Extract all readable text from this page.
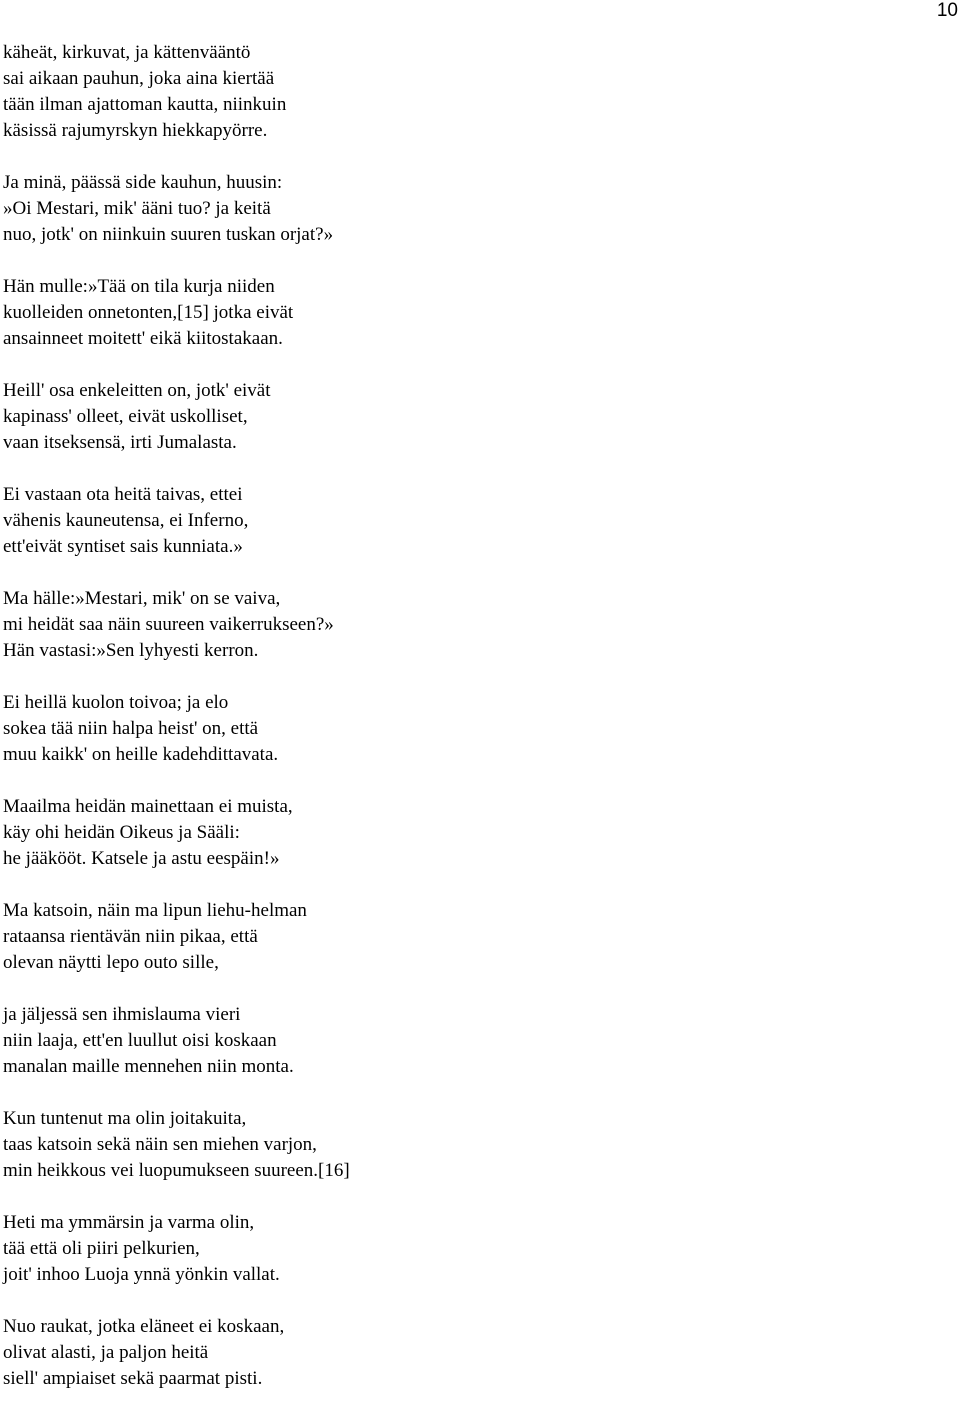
10
käheät, kirkuvat, ja kättenvääntö
sai aikaan pauhun, joka aina kiertää
tään ilman ajattoman kautta, niinkuin
käsissä rajumyrskyn hiekkapyörre.
Ja minä, päässä side kauhun, huusin:
»Oi Mestari, mik' ääni tuo? ja keitä
nuo, jotk' on niinkuin suuren tuskan orjat?»
Hän mulle:»Tää on tila kurja niiden
kuolleiden onnetonten,[15] jotka eivät
ansainneet moitett' eikä kiitostakaan.
Heill' osa enkeleitten on, jotk' eivät
kapinass' olleet, eivät uskolliset,
vaan itseksensä, irti Jumalasta.
Ei vastaan ota heitä taivas, ettei
vähenis kauneutensa, ei Inferno,
ett'eivät syntiset sais kunniata.»
Ma hälle:»Mestari, mik' on se vaiva,
mi heidät saa näin suureen vaikerrukseen?»
Hän vastasi:»Sen lyhyesti kerron.
Ei heillä kuolon toivoa; ja elo
sokea tää niin halpa heist' on, että
muu kaikk' on heille kadehdittavata.
Maailma heidän mainettaan ei muista,
käy ohi heidän Oikeus ja Sääli:
he jääkööt. Katsele ja astu eespäin!»
Ma katsoin, näin ma lipun liehu-helman
rataansa rientävän niin pikaa, että
olevan näytti lepo outo sille,
ja jäljessä sen ihmislauma vieri
niin laaja, ett'en luullut oisi koskaan
manalan maille mennehen niin monta.
Kun tuntenut ma olin joitakuita,
taas katsoin sekä näin sen miehen varjon,
min heikkous vei luopumukseen suureen.[16]
Heti ma ymmärsin ja varma olin,
tää että oli piiri pelkurien,
joit' inhoo Luoja ynnä yönkin vallat.
Nuo raukat, jotka eläneet ei koskaan,
olivat alasti, ja paljon heitä
siell' ampiaiset sekä paarmat pisti.
